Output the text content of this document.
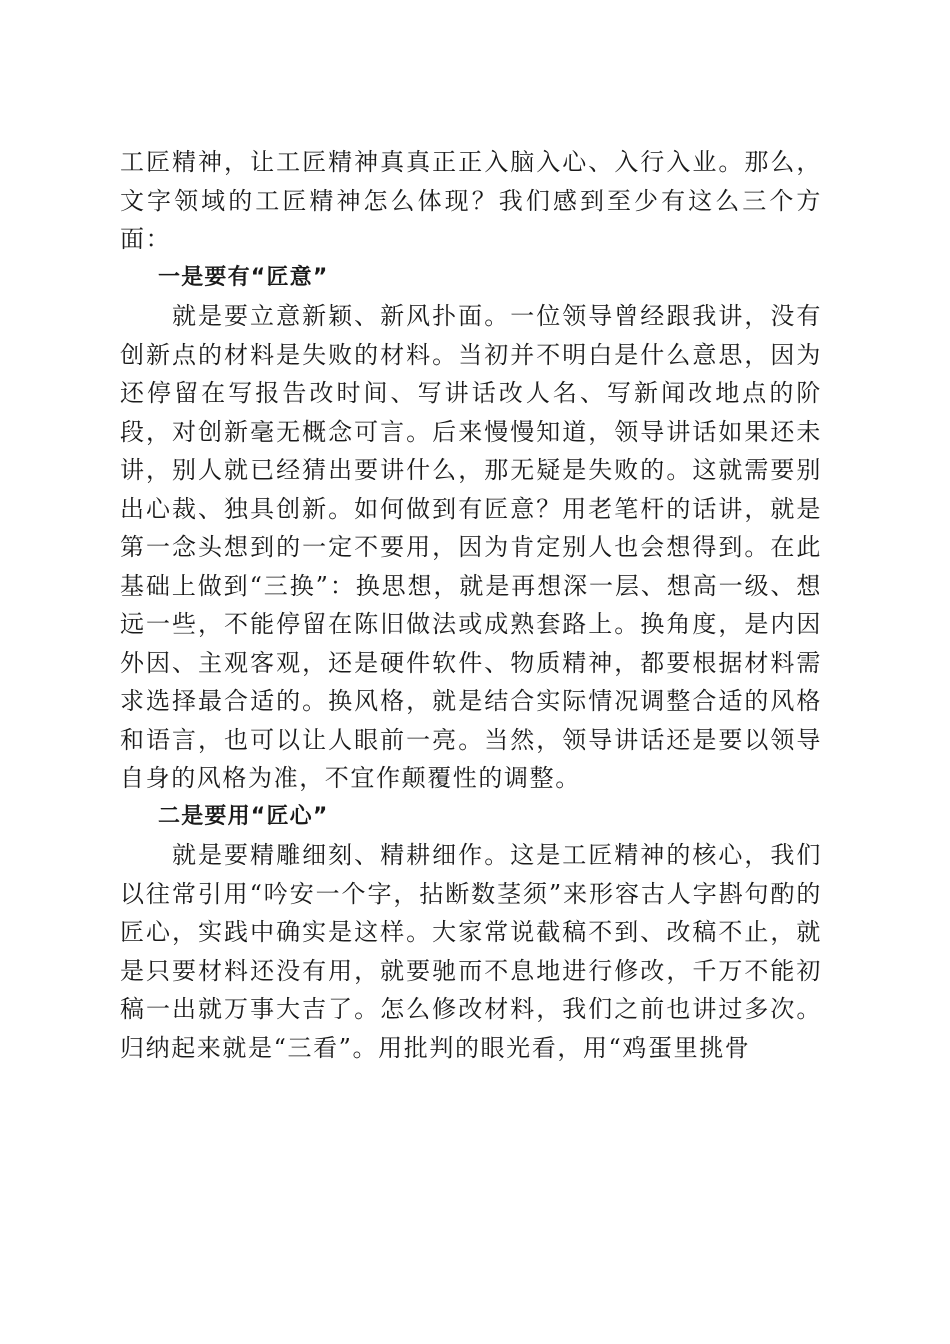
工匠精神，让工匠精神真真正正入脑入心、入行入业。那么，文字领域的工匠精神怎么体现？我们感到至少有这么三个方面：

一是要有“匠意”

就是要立意新颖、新风扑面。一位领导曾经跟我讲，没有创新点的材料是失败的材料。当初并不明白是什么意思，因为还停留在写报告改时间、写讲话改人名、写新闻改地点的阶段，对创新毫无概念可言。后来慢慢知道，领导讲话如果还未讲，别人就已经猜出要讲什么，那无疑是失败的。这就需要别出心裁、独具创新。如何做到有匠意？用老笔杆的话讲，就是第一念头想到的一定不要用，因为肯定别人也会想得到。在此基础上做到“三换”：换思想，就是再想深一层、想高一级、想远一些，不能停留在陈旧做法或成熟套路上。换角度，是内因外因、主观客观，还是硬件软件、物质精神，都要根据材料需求选择最合适的。换风格，就是结合实际情况调整合适的风格和语言，也可以让人眼前一亮。当然，领导讲话还是要以领导自身的风格为准，不宜作颠覆性的调整。

二是要用“匠心”

就是要精雕细刻、精耕细作。这是工匠精神的核心，我们以往常引用“吟安一个字，拈断数茎须”来形容古人字斟句酌的匠心，实践中确实是这样。大家常说截稿不到、改稿不止，就是只要材料还没有用，就要驰而不息地进行修改，千万不能初稿一出就万事大吉了。怎么修改材料，我们之前也讲过多次。归纳起来就是“三看”。用批判的眼光看，用“鸡蛋里挑骨
